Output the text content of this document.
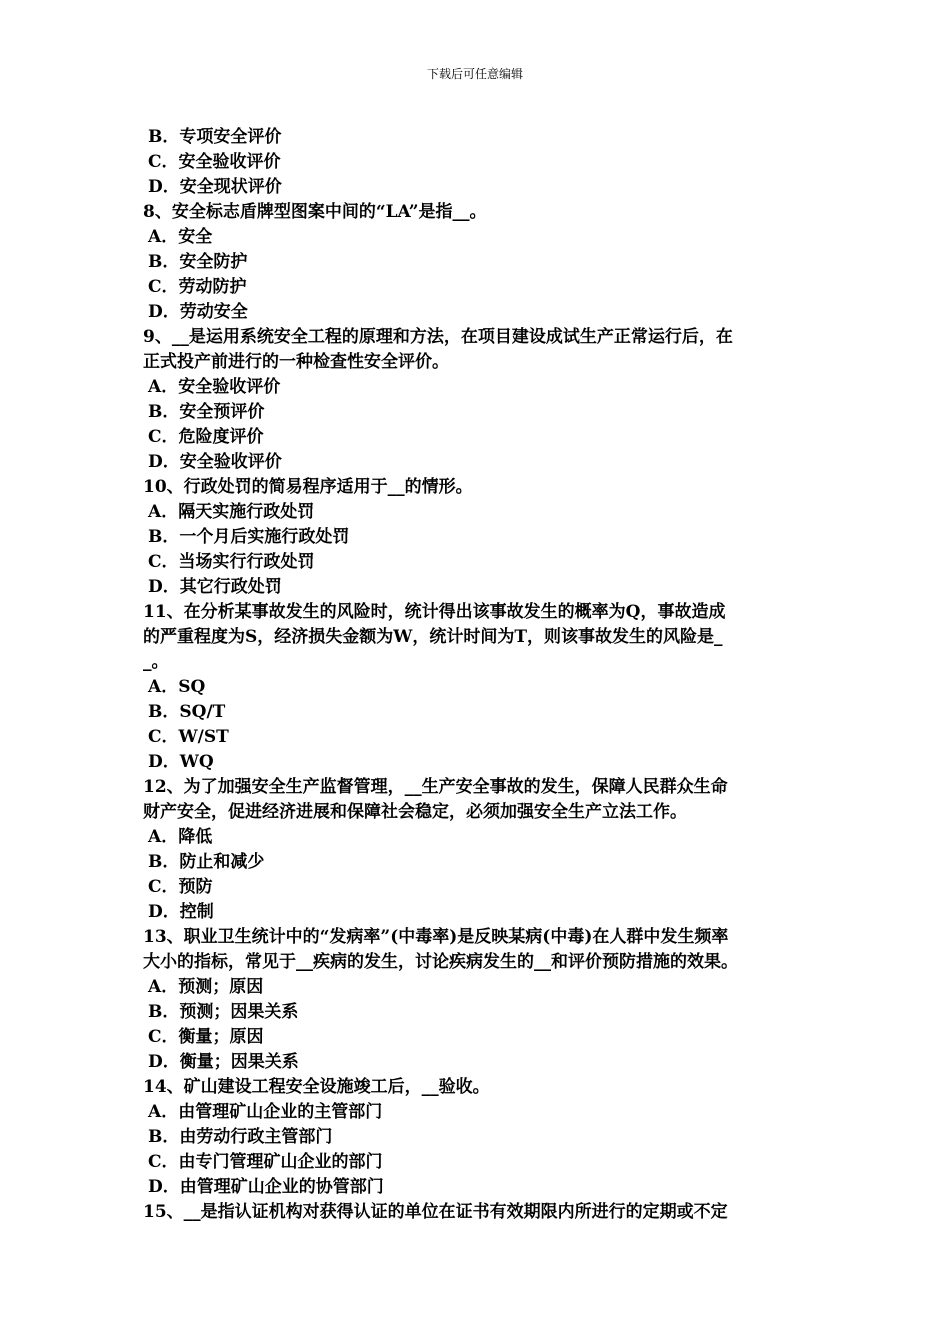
下载后可任意编辑
B．专项安全评价
C．安全验收评价
D．安全现状评价
8、安全标志盾牌型图案中间的“LA”是指__。
A．安全
B．安全防护
C．劳动防护
D．劳动安全
9、__是运用系统安全工程的原理和方法，在项目建设成试生产正常运行后，在
正式投产前进行的一种检查性安全评价。
A．安全验收评价
B．安全预评价
C．危险度评价
D．安全验收评价
10、行政处罚的简易程序适用于__的情形。
A．隔天实施行政处罚
B．一个月后实施行政处罚
C．当场实行行政处罚
D．其它行政处罚
11、在分析某事故发生的风险时，统计得出该事故发生的概率为Q，事故造成
的严重程度为S，经济损失金额为W，统计时间为T，则该事故发生的风险是_
_。
A．SQ
B．SQ/T
C．W/ST
D．WQ
12、为了加强安全生产监督管理，__生产安全事故的发生，保障人民群众生命
财产安全，促进经济进展和保障社会稳定，必须加强安全生产立法工作。
A．降低
B．防止和减少
C．预防
D．控制
13、职业卫生统计中的“发病率”(中毒率)是反映某病(中毒)在人群中发生频率
大小的指标，常见于__疾病的发生，讨论疾病发生的__和评价预防措施的效果。
A．预测；原因
B．预测；因果关系
C．衡量；原因
D．衡量；因果关系
14、矿山建设工程安全设施竣工后，__验收。
A．由管理矿山企业的主管部门
B．由劳动行政主管部门
C．由专门管理矿山企业的部门
D．由管理矿山企业的协管部门
15、__是指认证机构对获得认证的单位在证书有效期限内所进行的定期或不定
